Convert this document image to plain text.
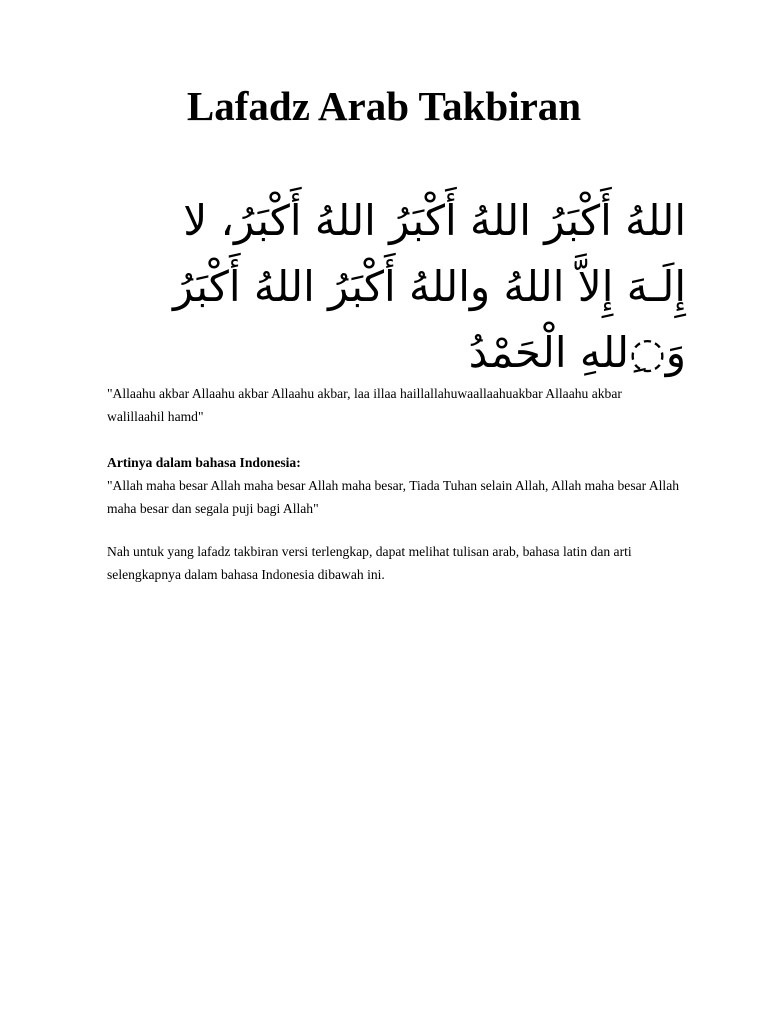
Lafadz Arab Takbiran

اللهُ أَكْبَرُ اللهُ أَكْبَرُ اللهُ أَكْبَرُ، لا
إِلَـهَ إِلاَّ اللهُ واللهُ أَكْبَرُ اللهُ أَكْبَرُ
وَ◌ِللهِ الْحَمْدُ

"Allaahu akbar Allaahu akbar Allaahu akbar, laa illaa haillallahuwaallaahuakbar Allaahu akbar walillaahil hamd"

Artinya dalam bahasa Indonesia:

"Allah maha besar Allah maha besar Allah maha besar, Tiada Tuhan selain Allah, Allah maha besar Allah maha besar dan segala puji bagi Allah"

Nah untuk yang lafadz takbiran versi terlengkap, dapat melihat tulisan arab, bahasa latin dan arti selengkapnya dalam bahasa Indonesia dibawah ini.
